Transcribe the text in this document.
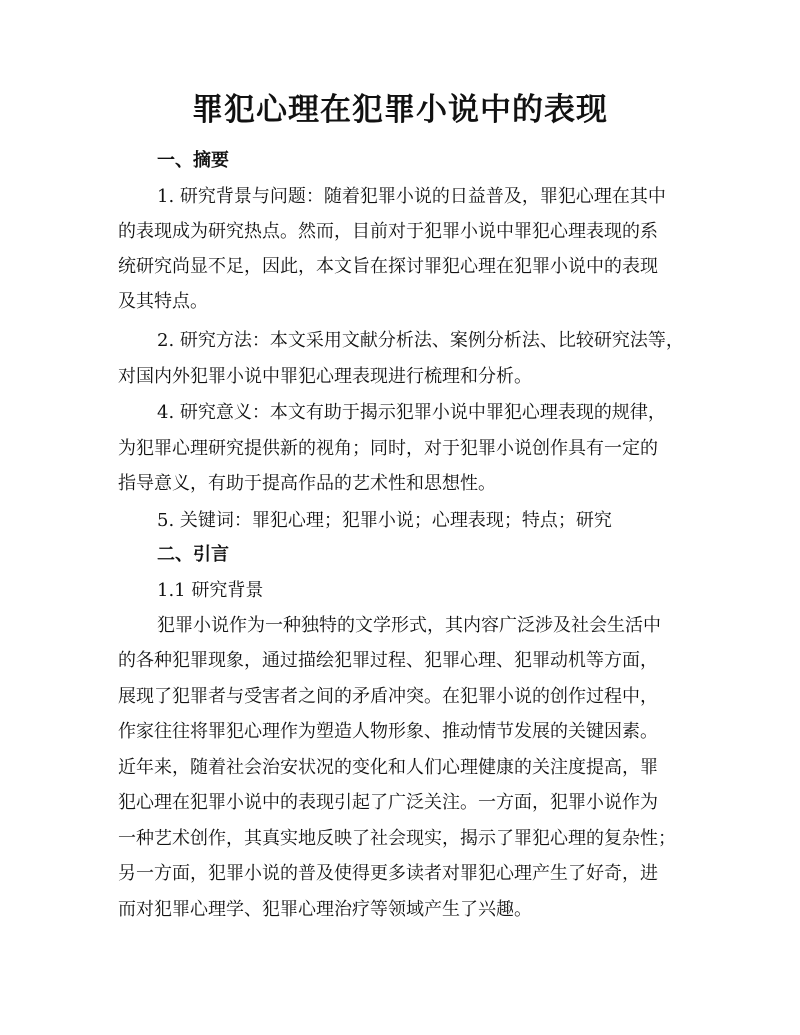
罪犯心理在犯罪小说中的表现
一、摘要
1. 研究背景与问题：随着犯罪小说的日益普及，罪犯心理在其中
的表现成为研究热点。然而，目前对于犯罪小说中罪犯心理表现的系
统研究尚显不足，因此，本文旨在探讨罪犯心理在犯罪小说中的表现
及其特点。
2. 研究方法：本文采用文献分析法、案例分析法、比较研究法等，
对国内外犯罪小说中罪犯心理表现进行梳理和分析。
4. 研究意义：本文有助于揭示犯罪小说中罪犯心理表现的规律，
为犯罪心理研究提供新的视角；同时，对于犯罪小说创作具有一定的
指导意义，有助于提高作品的艺术性和思想性。
5. 关键词：罪犯心理；犯罪小说；心理表现；特点；研究
二、引言
1.1 研究背景
犯罪小说作为一种独特的文学形式，其内容广泛涉及社会生活中
的各种犯罪现象，通过描绘犯罪过程、犯罪心理、犯罪动机等方面，
展现了犯罪者与受害者之间的矛盾冲突。在犯罪小说的创作过程中，
作家往往将罪犯心理作为塑造人物形象、推动情节发展的关键因素。
近年来，随着社会治安状况的变化和人们心理健康的关注度提高，罪
犯心理在犯罪小说中的表现引起了广泛关注。一方面，犯罪小说作为
一种艺术创作，其真实地反映了社会现实，揭示了罪犯心理的复杂性；
另一方面，犯罪小说的普及使得更多读者对罪犯心理产生了好奇，进
而对犯罪心理学、犯罪心理治疗等领域产生了兴趣。
